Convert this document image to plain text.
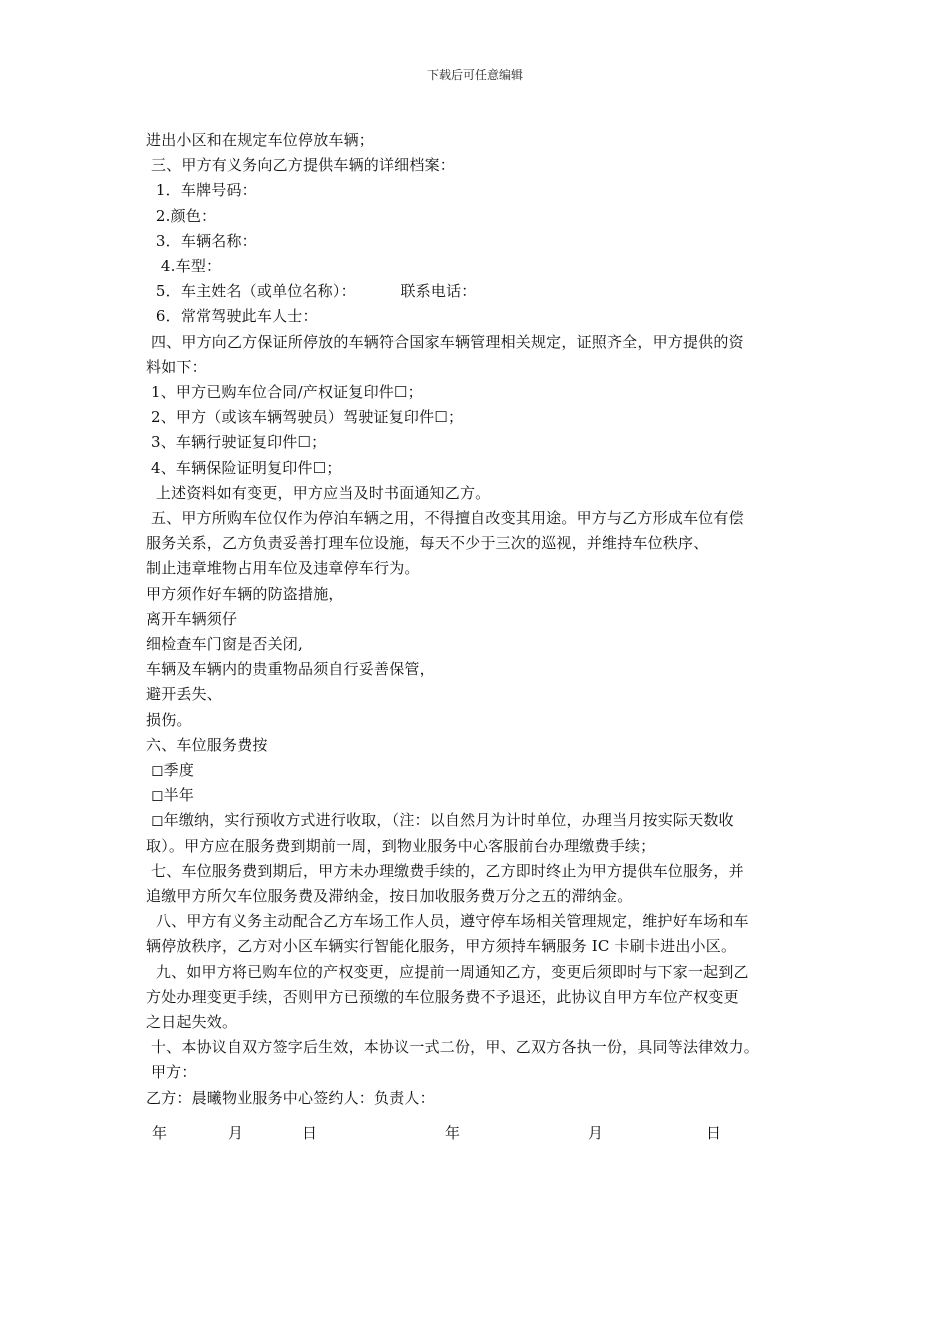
下载后可任意编辑
进出小区和在规定车位停放车辆；
三、甲方有义务向乙方提供车辆的详细档案：
1．车牌号码：
2.颜色：
3．车辆名称：
4.车型：
5．车主姓名（或单位名称）：         联系电话：
6．常常驾驶此车人士：
四、甲方向乙方保证所停放的车辆符合国家车辆管理相关规定，证照齐全，甲方提供的资
料如下：
1、甲方已购车位合同/产权证复印件☐；
2、甲方（或该车辆驾驶员）驾驶证复印件☐；
3、车辆行驶证复印件☐；
4、车辆保险证明复印件☐；
上述资料如有变更，甲方应当及时书面通知乙方。
五、甲方所购车位仅作为停泊车辆之用，不得擅自改变其用途。甲方与乙方形成车位有偿
服务关系，乙方负责妥善打理车位设施，每天不少于三次的巡视，并维持车位秩序、
制止违章堆物占用车位及违章停车行为。
甲方须作好车辆的防盗措施，
离开车辆须仔
细检查车门窗是否关闭,
车辆及车辆内的贵重物品须自行妥善保管，
避开丢失、
损伤。
六、车位服务费按
◻季度
◻半年
◻年缴纳，实行预收方式进行收取，（注：以自然月为计时单位，办理当月按实际天数收
取）。甲方应在服务费到期前一周，到物业服务中心客服前台办理缴费手续；
七、车位服务费到期后，甲方未办理缴费手续的，乙方即时终止为甲方提供车位服务，并
追缴甲方所欠车位服务费及滞纳金，按日加收服务费万分之五的滞纳金。
八、甲方有义务主动配合乙方车场工作人员，遵守停车场相关管理规定，维护好车场和车
辆停放秩序，乙方对小区车辆实行智能化服务，甲方须持车辆服务 IC 卡刷卡进出小区。
九、如甲方将已购车位的产权变更，应提前一周通知乙方，变更后须即时与下家一起到乙
方处办理变更手续，否则甲方已预缴的车位服务费不予退还，此协议自甲方车位产权变更
之日起失效。
十、本协议自双方签字后生效，本协议一式二份，甲、乙双方各执一份，具同等法律效力。
甲方：
乙方：晨曦物业服务中心签约人：负责人：
年	月	日	年	月	日
